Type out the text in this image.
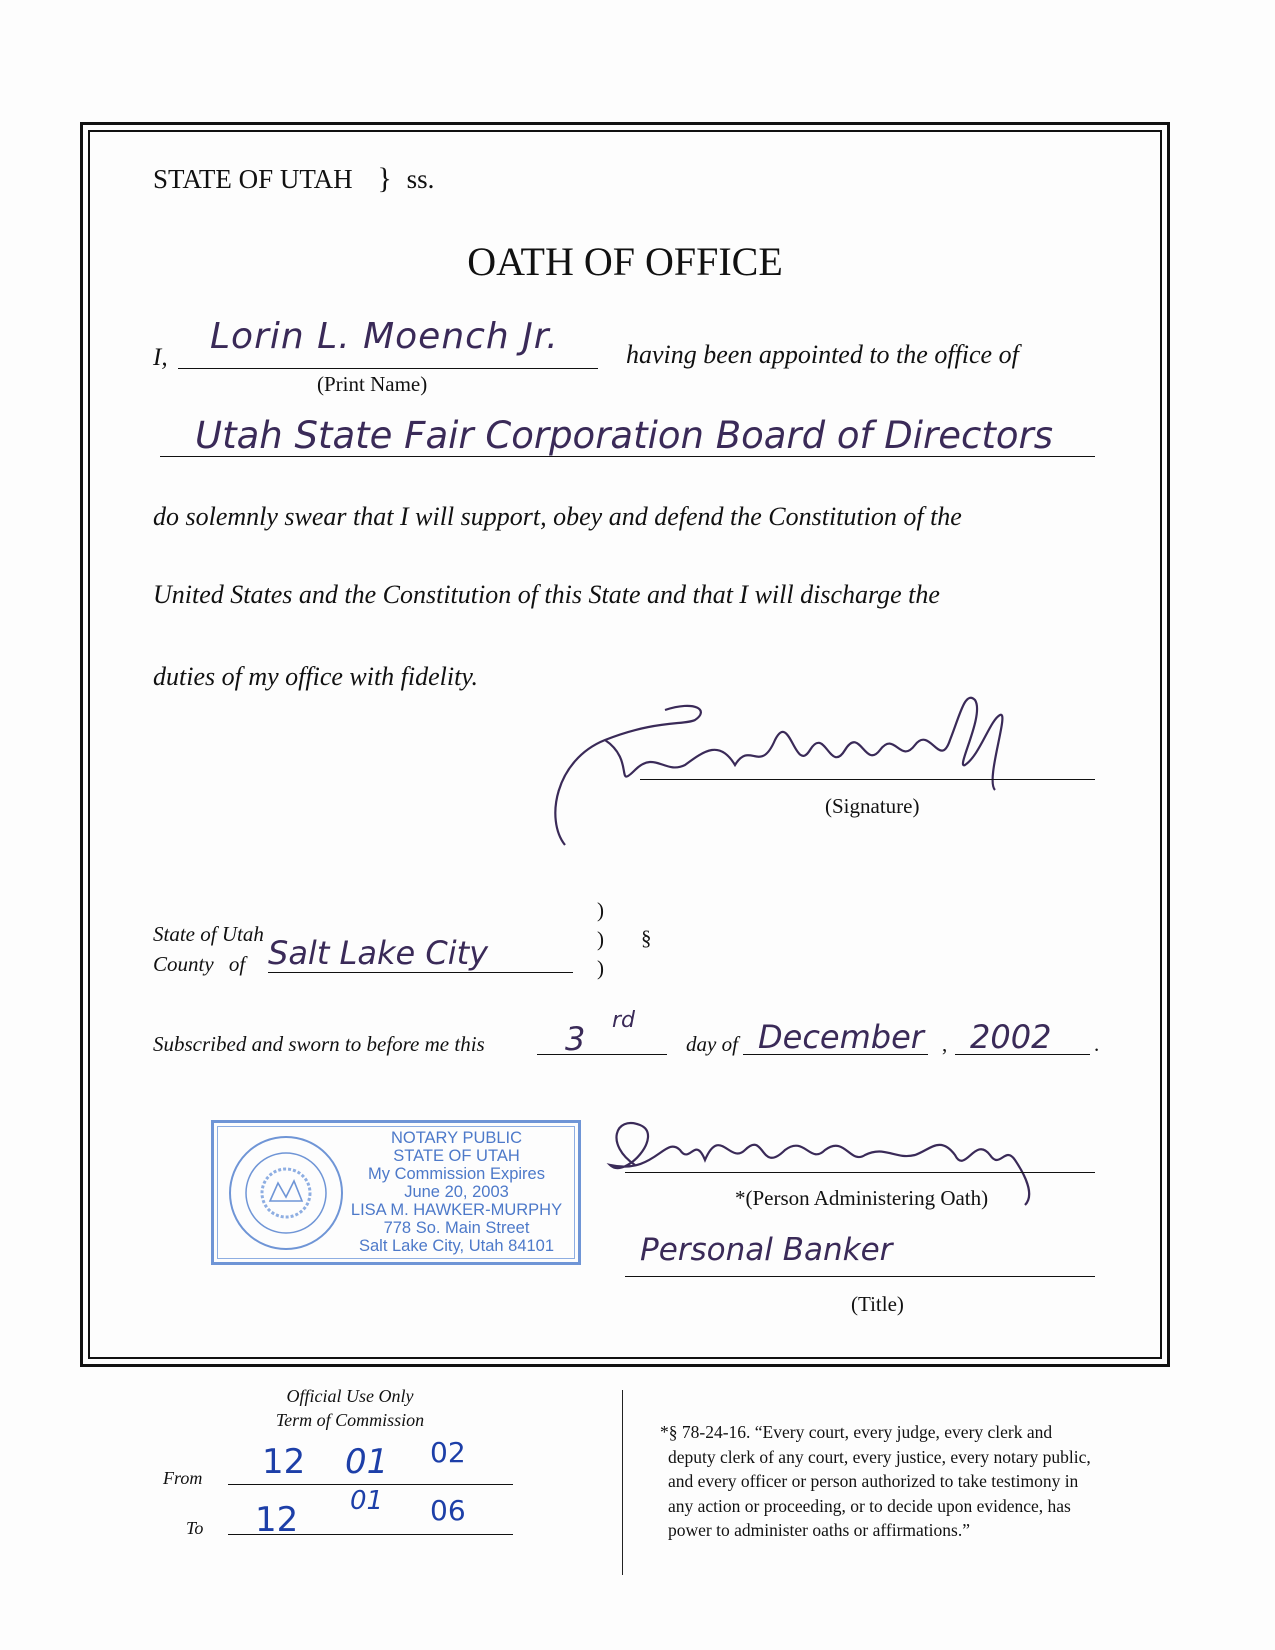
STATE OF UTAH } ss.
OATH OF OFFICE
I,
Lorin L. Moench Jr.
(Print Name)
having been appointed to the office of
Utah State Fair Corporation Board of Directors
do solemnly swear that I will support, obey and defend the Constitution of the
United States and the Constitution of this State and that I will discharge the
duties of my office with fidelity.
(Signature)
State of Utah
County of Salt Lake City
)
)
)
§
Subscribed and sworn to before me this	3 rd
day of December , 2002 .
NOTARY PUBLIC
STATE OF UTAH
My Commission Expires
June 20, 2003
LISA M. HAWKER-MURPHY
778 So. Main Street
Salt Lake City, Utah 84101
*(Person Administering Oath)
Personal Banker
(Title)
Official Use Only
Term of Commission
From 12 01 02
To 12 01 06
*§ 78-24-16. “Every court, every judge, every clerk and
deputy clerk of any court, every justice, every notary public,
and every officer or person authorized to take testimony in
any action or proceeding, or to decide upon evidence, has
power to administer oaths or affirmations.”
